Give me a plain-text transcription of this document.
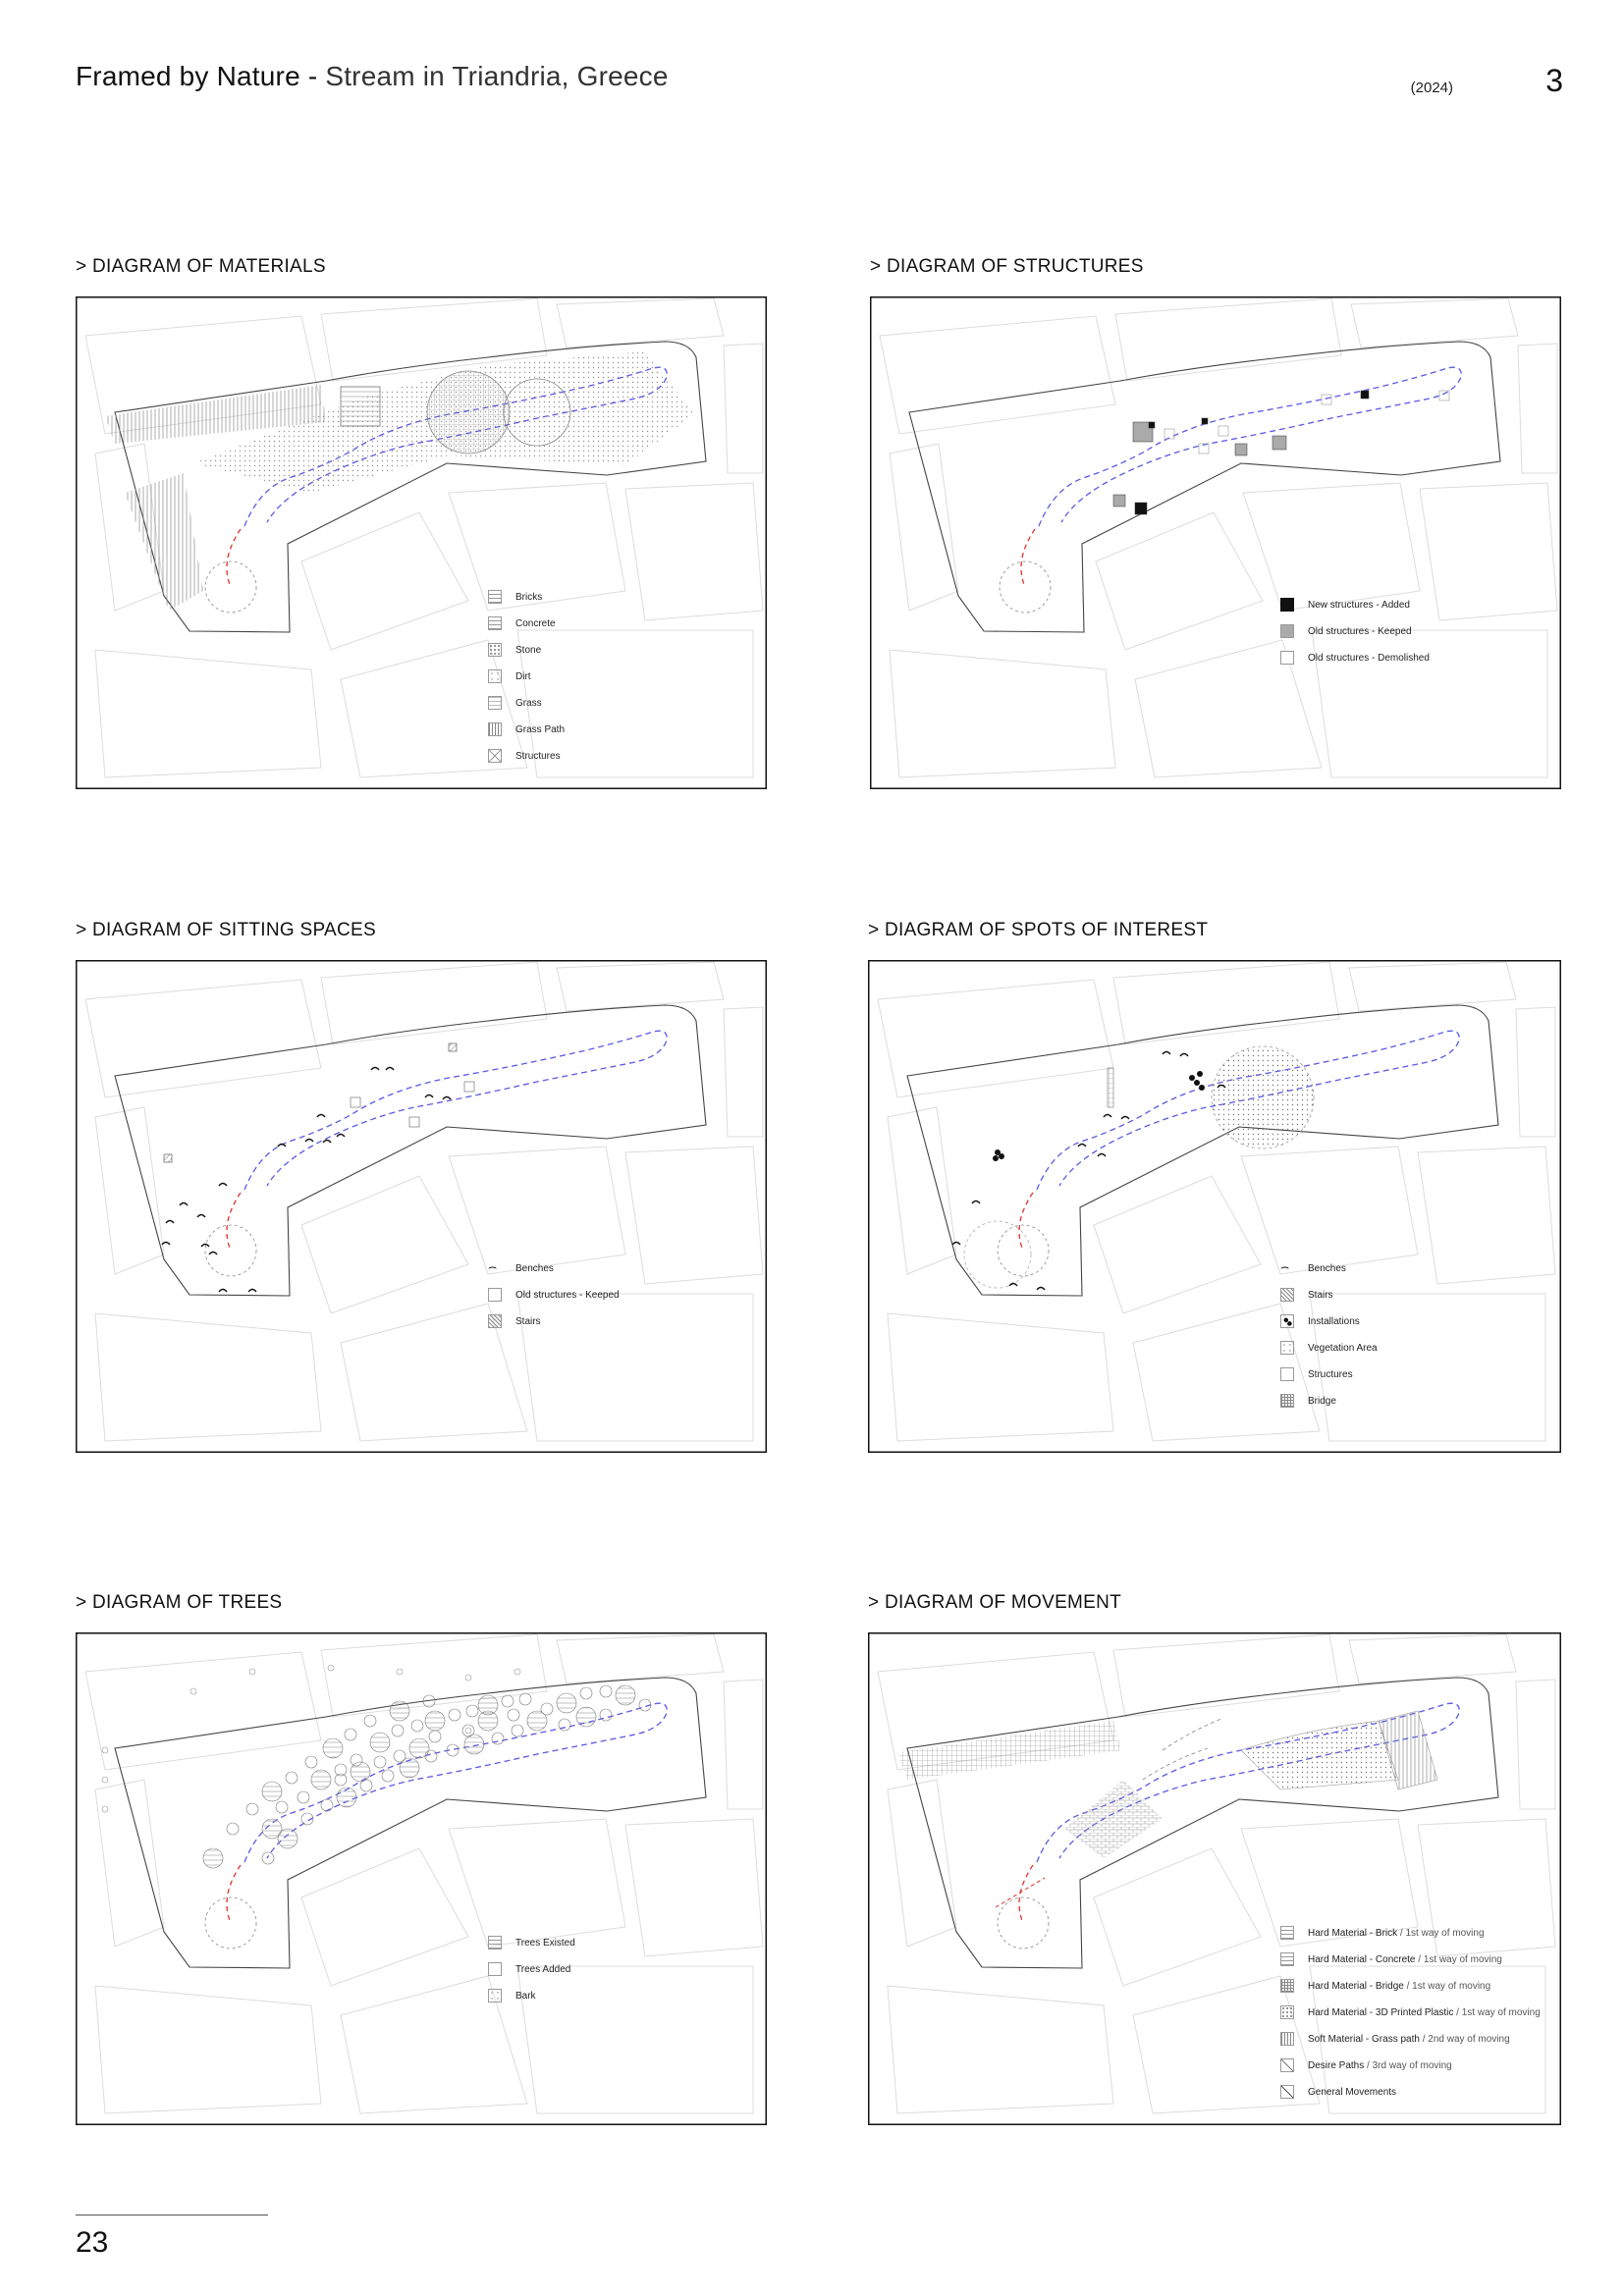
Framed by Nature - Stream in Triandria, Greece	(2024)	3
> DIAGRAM OF MATERIALS	> DIAGRAM OF STRUCTURES
> DIAGRAM OF SITTING SPACES	> DIAGRAM OF SPOTS OF INTEREST
> DIAGRAM OF TREES	> DIAGRAM OF MOVEMENT
Bricks
Concrete
Stone
Dirt
Grass
Grass Path
Structures
New structures - Added
Old structures - Keeped
Old structures - Demolished
⌢	Benches
Old structures - Keeped
Stairs
⌢	Benches
Stairs
Installations
Vegetation Area
Structures
Bridge
Trees Existed
Trees Added
Bark
Hard Material - Brick / 1st way of moving
Hard Material - Concrete / 1st way of moving
Hard Material - Bridge / 1st way of moving
Hard Material - 3D Printed Plastic / 1st way of moving
Soft Material - Grass path / 2nd way of moving
Desire Paths / 3rd way of moving
General Movements
23
